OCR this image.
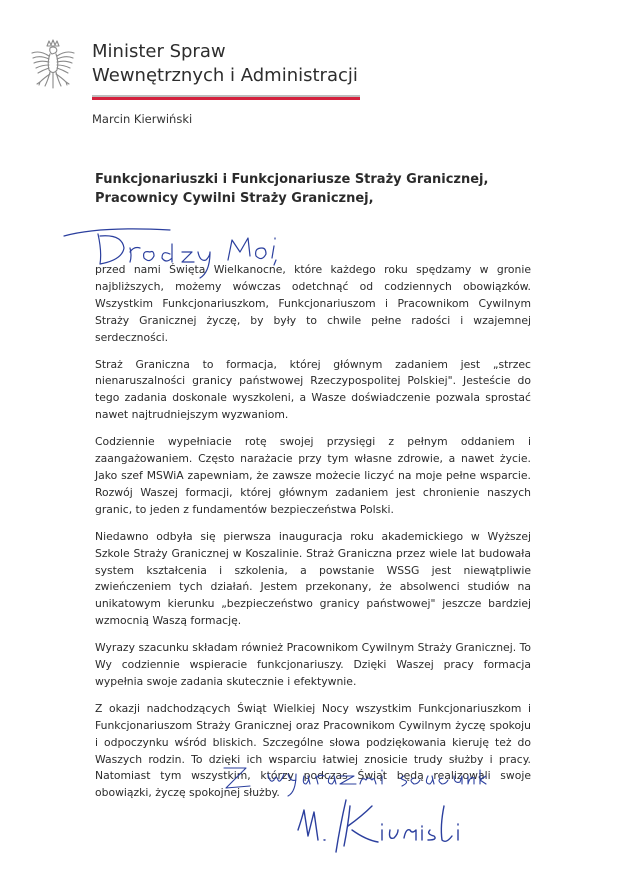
Minister Spraw
Wewnętrznych i Administracji
Marcin Kierwiński
Funkcjonariuszki i Funkcjonariusze Straży Granicznej,
Pracownicy Cywilni Straży Granicznej,

przed nami Święta Wielkanocne, które każdego roku spędzamy w gronie najbliższych, możemy wówczas odetchnąć od codziennych obowiązków. Wszystkim Funkcjonariuszkom, Funkcjonariuszom i Pracownikom Cywilnym Straży Granicznej życzę, by były to chwile pełne radości i wzajemnej serdeczności.

Straż Graniczna to formacja, której głównym zadaniem jest „strzec nienaruszalności granicy państwowej Rzeczypospolitej Polskiej". Jesteście do tego zadania doskonale wyszkoleni, a Wasze doświadczenie pozwala sprostać nawet najtrudniejszym wyzwaniom.

Codziennie wypełniacie rotę swojej przysięgi z pełnym oddaniem i zaangażowaniem. Często narażacie przy tym własne zdrowie, a nawet życie. Jako szef MSWiA zapewniam, że zawsze możecie liczyć na moje pełne wsparcie. Rozwój Waszej formacji, której głównym zadaniem jest chronienie naszych granic, to jeden z fundamentów bezpieczeństwa Polski.

Niedawno odbyła się pierwsza inauguracja roku akademickiego w Wyższej Szkole Straży Granicznej w Koszalinie. Straż Graniczna przez wiele lat budowała system kształcenia i szkolenia, a powstanie WSSG jest niewątpliwie zwieńczeniem tych działań. Jestem przekonany, że absolwenci studiów na unikatowym kierunku „bezpieczeństwo granicy państwowej" jeszcze bardziej wzmocnią Waszą formację.

Wyrazy szacunku składam również Pracownikom Cywilnym Straży Granicznej. To Wy codziennie wspieracie funkcjonariuszy. Dzięki Waszej pracy formacja wypełnia swoje zadania skutecznie i efektywnie.

Z okazji nadchodzących Świąt Wielkiej Nocy wszystkim Funkcjonariuszkom i Funkcjonariuszom Straży Granicznej oraz Pracownikom Cywilnym życzę spokoju i odpoczynku wśród bliskich. Szczególne słowa podziękowania kieruję też do Waszych rodzin. To dzięki ich wsparciu łatwiej znosicie trudy służby i pracy. Natomiast tym wszystkim, którzy podczas Świąt będą realizowali swoje obowiązki, życzę spokojnej służby.
